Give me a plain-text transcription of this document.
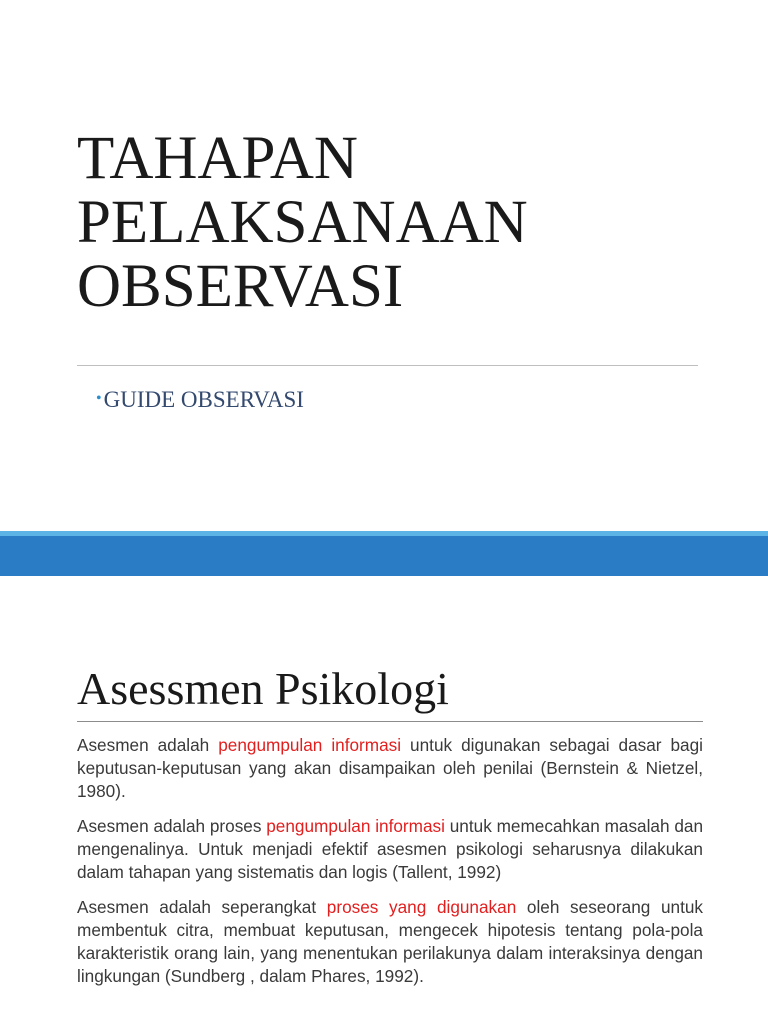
TAHAPAN
PELAKSANAAN
OBSERVASI
•GUIDE OBSERVASI
Asessmen Psikologi

Asesmen adalah pengumpulan informasi untuk digunakan sebagai dasar bagi keputusan-keputusan yang akan disampaikan oleh penilai (Bernstein & Nietzel, 1980).

Asesmen adalah proses pengumpulan informasi untuk memecahkan masalah dan mengenalinya. Untuk menjadi efektif asesmen psikologi seharusnya dilakukan dalam tahapan yang sistematis dan logis (Tallent, 1992)

Asesmen adalah seperangkat proses yang digunakan oleh seseorang untuk membentuk citra, membuat keputusan, mengecek hipotesis tentang pola-pola karakteristik orang lain, yang menentukan perilakunya dalam interaksinya dengan lingkungan (Sundberg , dalam Phares, 1992).
